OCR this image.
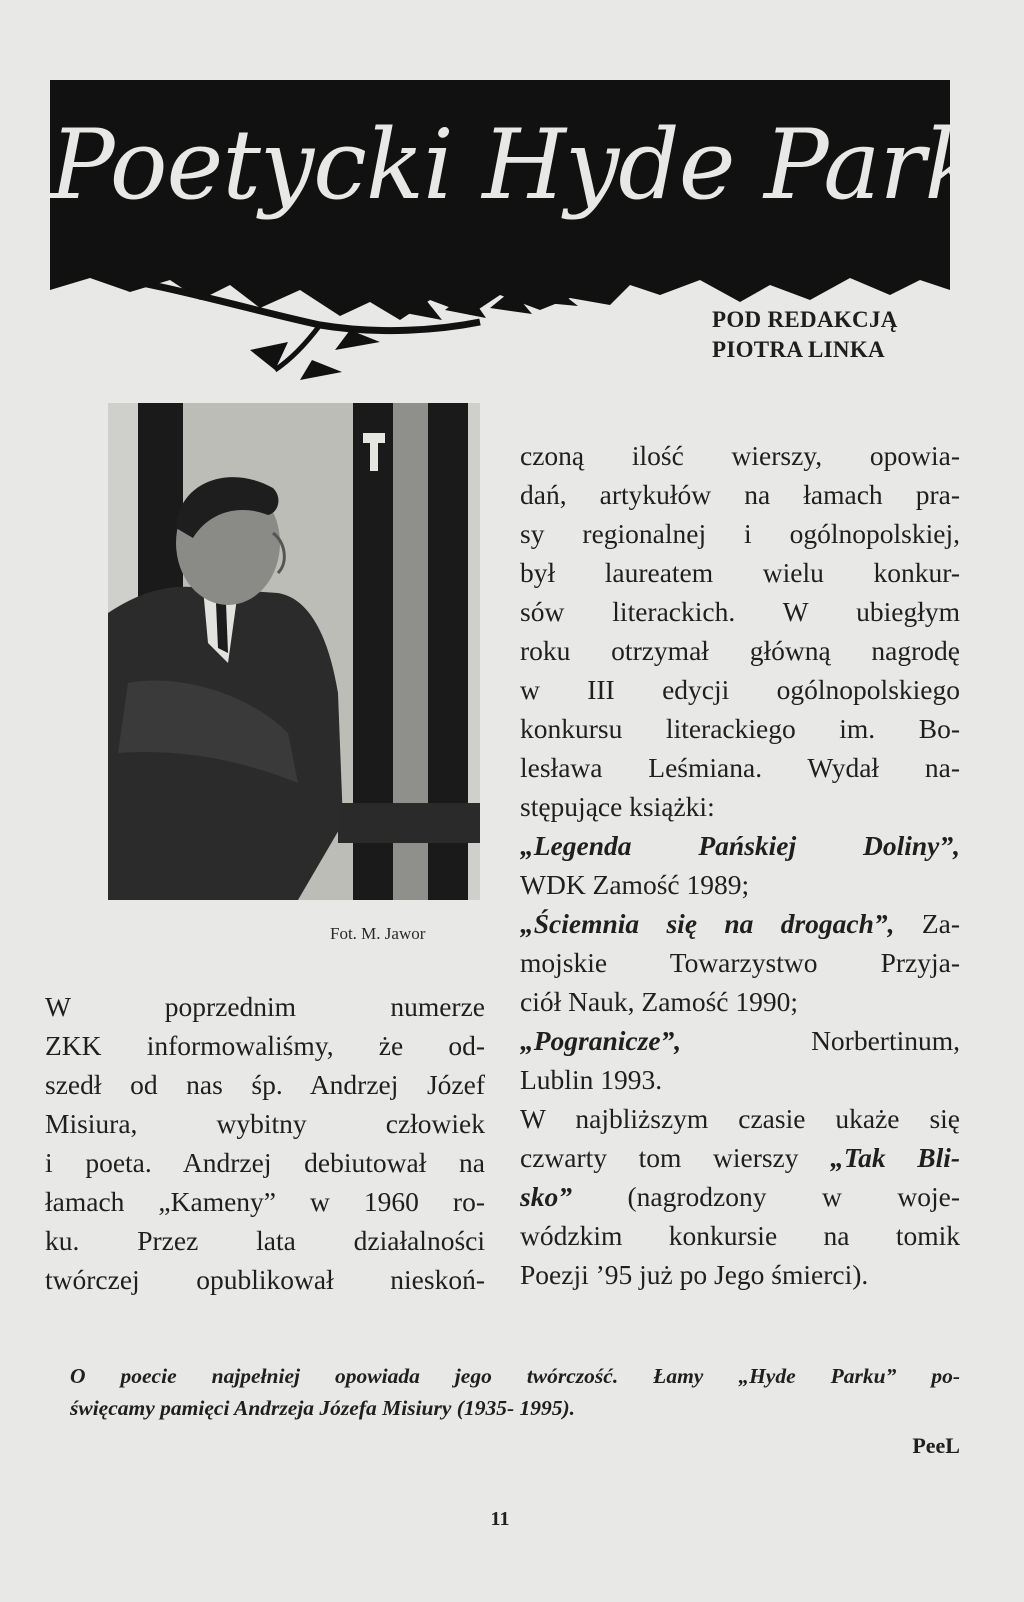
Poetycki Hyde Park
POD REDAKCJĄ
PIOTRA LINKA
Fot. M. Jawor
W poprzednim numerze
ZKK informowaliśmy, że od-
szedł od nas śp. Andrzej Józef
Misiura, wybitny człowiek
i poeta. Andrzej debiutował na
łamach „Kameny” w 1960 ro-
ku. Przez lata działalności
twórczej opublikował nieskoń-
czoną ilość wierszy, opowia-
dań, artykułów na łamach pra-
sy regionalnej i ogólnopolskiej,
był laureatem wielu konkur-
sów literackich. W ubiegłym
roku otrzymał główną nagrodę
w III edycji ogólnopolskiego
konkursu literackiego im. Bo-
lesława Leśmiana. Wydał na-
stępujące książki:
„Legenda Pańskiej Doliny”,
WDK Zamość 1989;
„Ściemnia się na drogach”, Za-
mojskie Towarzystwo Przyja-
ciół Nauk, Zamość 1990;
„Pogranicze”, Norbertinum,
Lublin 1993.
W najbliższym czasie ukaże się
czwarty tom wierszy „Tak Bli-
sko” (nagrodzony w woje-
wódzkim konkursie na tomik
Poezji ’95 już po Jego śmierci).
O poecie najpełniej opowiada jego twórczość. Łamy „Hyde Parku” po-
święcamy pamięci Andrzeja Józefa Misiury (1935- 1995).
PeeL
11
